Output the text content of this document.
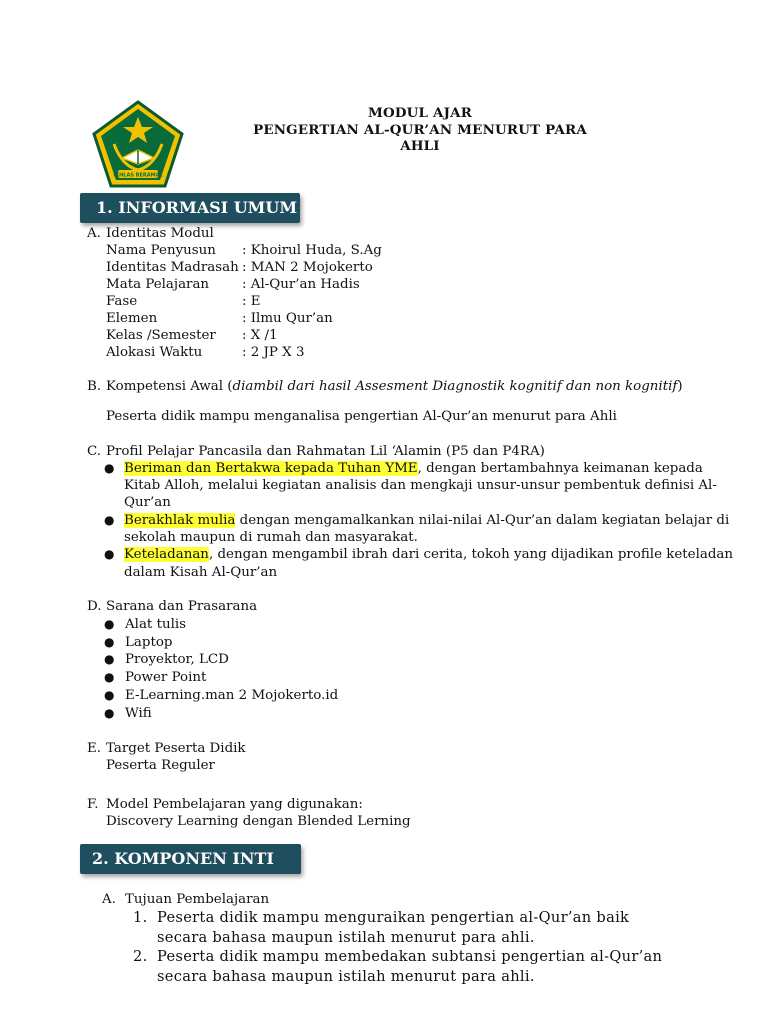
IKHLAS BERAMAL
MODUL AJAR
PENGERTIAN AL-QUR’AN MENURUT PARA AHLI
1. INFORMASI UMUM
A. Identitas Modul
Nama Penyusun : Khoirul Huda, S.Ag
Identitas Madrasah : MAN 2 Mojokerto
Mata Pelajaran : Al-Qur’an Hadis
Fase	: E
Elemen	: Ilmu Qur’an
Kelas /Semester : X /1
Alokasi Waktu	: 2 JP X 3
B. Kompetensi Awal (diambil dari hasil Assesment Diagnostik kognitif dan non kognitif)
Peserta didik mampu menganalisa pengertian Al-Qur’an menurut para Ahli
C. Profil Pelajar Pancasila dan Rahmatan Lil ‘Alamin (P5 dan P4RA)
● Beriman dan Bertakwa kepada Tuhan YME, dengan bertambahnya keimanan kepada
Kitab Alloh, melalui kegiatan analisis dan mengkaji unsur-unsur pembentuk definisi Al-
Qur’an
● Berakhlak mulia dengan mengamalkankan nilai-nilai Al-Qur’an dalam kegiatan belajar di
sekolah maupun di rumah dan masyarakat.
● Keteladanan, dengan mengambil ibrah dari cerita, tokoh yang dijadikan profile keteladan
dalam Kisah Al-Qur’an
D. Sarana dan Prasarana
● Alat tulis
● Laptop
● Proyektor, LCD
● Power Point
● E-Learning.man 2 Mojokerto.id
● Wifi
E. Target Peserta Didik
Peserta Reguler
F. Model Pembelajaran yang digunakan:
Discovery Learning dengan Blended Lerning
2. KOMPONEN INTI
A. Tujuan Pembelajaran
1. Peserta didik mampu menguraikan pengertian al-Qur’an baik
secara bahasa maupun istilah menurut para ahli.
2. Peserta didik mampu membedakan subtansi pengertian al-Qur’an
secara bahasa maupun istilah menurut para ahli.
